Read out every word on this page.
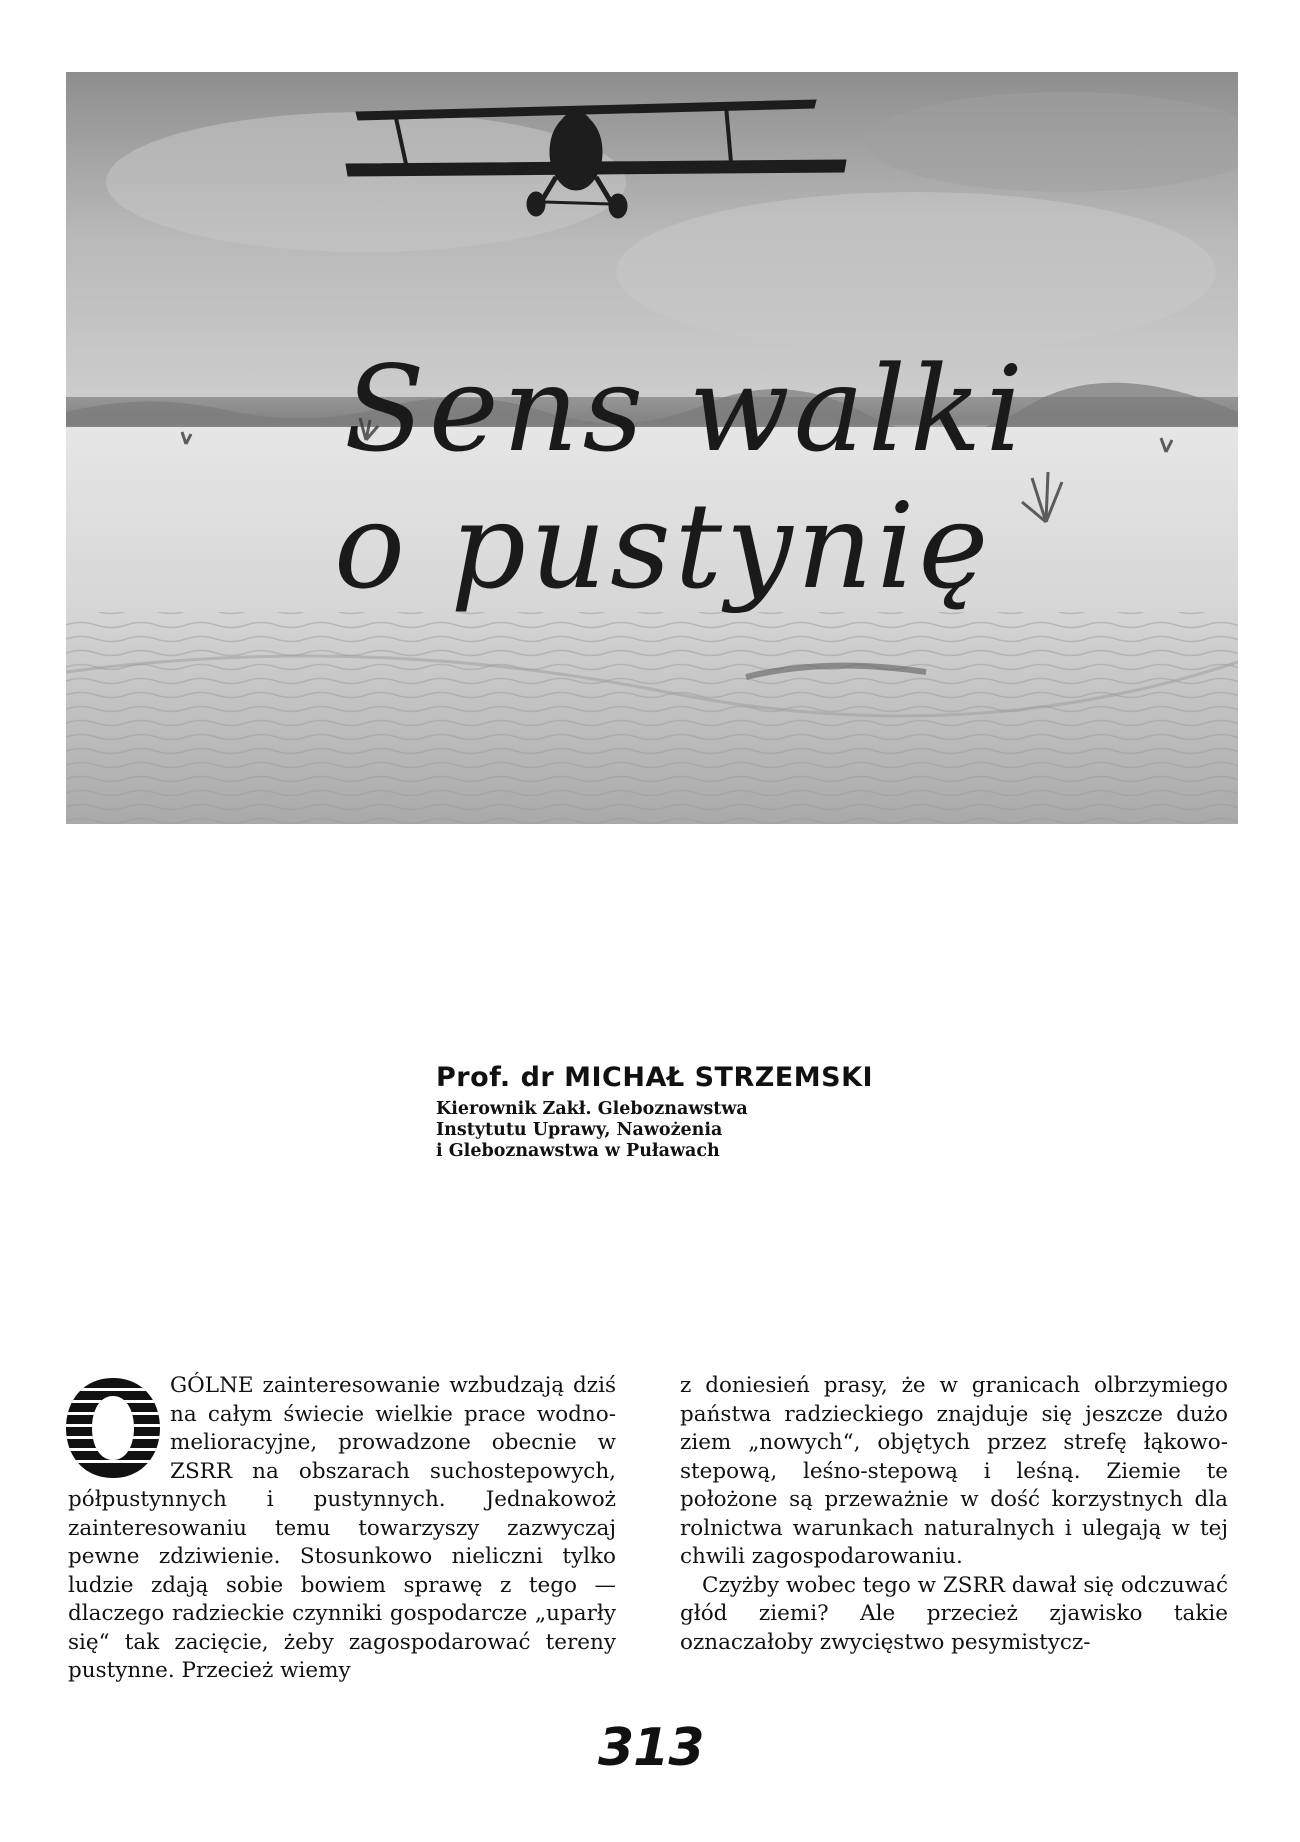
Sens walki
o pustynię

Prof. dr MICHAŁ STRZEMSKI

Kierownik Zakł. Gleboznawstwa

Instytutu Uprawy, Nawożenia

i Gleboznawstwa w Puławach

GÓLNE zainteresowanie wzbudzają dziś na całym świecie wielkie prace wodno-melioracyjne, prowadzone obecnie w ZSRR na obszarach suchostepowych, półpustynnych i pustynnych. Jednakowoż zainteresowaniu temu towarzyszy zazwyczaj pewne zdziwienie. Stosunkowo nieliczni tylko ludzie zdają sobie bowiem sprawę z tego — dlaczego radzieckie czynniki gospodarcze „uparły się“ tak zacięcie, żeby zagospodarować tereny pustynne. Przecież wiemy

z doniesień prasy, że w granicach olbrzymiego państwa radzieckiego znajduje się jeszcze dużo ziem „nowych“, objętych przez strefę łąkowo-stepową, leśno-stepową i leśną. Ziemie te położone są przeważnie w dość korzystnych dla rolnictwa warunkach naturalnych i ulegają w tej chwili zagospodarowaniu.

Czyżby wobec tego w ZSRR dawał się odczuwać głód ziemi? Ale przecież zjawisko takie oznaczałoby zwycięstwo pesymistycz-

313
